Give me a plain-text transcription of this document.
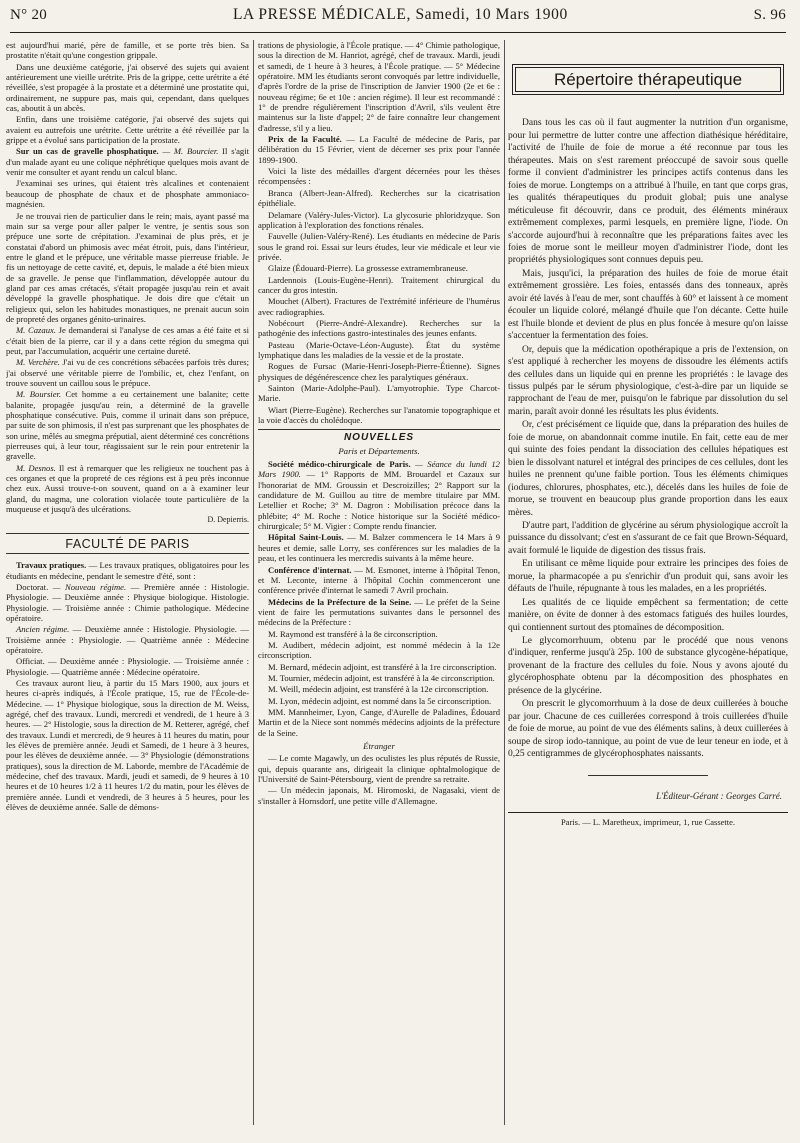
N° 20	LA PRESSE MÉDICALE, Samedi, 10 Mars 1900	S. 96

est aujourd'hui marié, père de famille, et se porte très bien. Sa prostatite n'était qu'une congestion grippale.

Dans une deuxième catégorie, j'ai observé des sujets qui avaient antérieurement une vieille urétrite. Pris de la grippe, cette urétrite a été réveillée, s'est propagée à la prostate et a déterminé une prostatite qui, ordinairement, ne suppure pas, mais qui, cependant, dans quelques cas, aboutit à un abcès.

Enfin, dans une troisième catégorie, j'ai observé des sujets qui avaient eu autrefois une urétrite. Cette urétrite a été réveillée par la grippe et a évolué sans participation de la prostate.

Sur un cas de gravelle phosphatique. — M. Bourcier. Il s'agit d'un malade ayant eu une colique néphrétique quelques mois avant de venir me consulter et ayant rendu un calcul blanc.

J'examinai ses urines, qui étaient très alcalines et contenaient beaucoup de phosphate de chaux et de phosphate ammoniaco-magnésien.

Je ne trouvai rien de particulier dans le rein; mais, ayant passé ma main sur sa verge pour aller palper le ventre, je sentis sous son prépuce une sorte de crépitation. J'examinai de plus près, et je constatai d'abord un phimosis avec méat étroit, puis, dans l'intérieur, entre le gland et le prépuce, une véritable masse pierreuse friable. Je fis un nettoyage de cette cavité, et, depuis, le malade a été bien mieux de sa gravelle. Je pense que l'inflammation, développée autour du gland par ces amas crétacés, s'était propagée jusqu'au rein et avait développé la gravelle phosphatique. Je dois dire que c'était un religieux qui, selon les habitudes monastiques, ne prenait aucun soin de propreté des organes génito-urinaires.

M. Cazaux. Je demanderai si l'analyse de ces amas a été faite et si c'était bien de la pierre, car il y a dans cette région du smegma qui peut, par l'accumulation, acquérir une certaine dureté.

M. Verchère. J'ai vu de ces concrétions sébacées parfois très dures; j'ai observé une véritable pierre de l'ombilic, et, chez l'enfant, on trouve souvent un caillou sous le prépuce.

M. Boursier. Cet homme a eu certainement une balanite; cette balanite, propagée jusqu'au rein, a déterminé de la gravelle phosphatique consécutive. Puis, comme il urinait dans son prépuce, par suite de son phimosis, il n'est pas surprenant que les phosphates de son urine, mêlés au smegma préputial, aient déterminé ces concrétions pierreuses qui, à leur tour, réagissaient sur le rein pour entretenir la gravelle.

M. Desnos. Il est à remarquer que les religieux ne touchent pas à ces organes et que la propreté de ces régions est à peu près inconnue chez eux. Aussi trouve-t-on souvent, quand on a à examiner leur gland, du magma, une coloration violacée toute particulière de la muqueuse et jusqu'à des ulcérations.

D. Depierris.
FACULTÉ DE PARIS

Travaux pratiques. — Les travaux pratiques, obligatoires pour les étudiants en médecine, pendant le semestre d'été, sont :

Doctorat. — Nouveau régime. — Première année : Histologie. Physiologie. — Deuxième année : Physique biologique. Histologie. Physiologie. — Troisième année : Chimie pathologique. Médecine opératoire.

Ancien régime. — Deuxième année : Histologie. Physiologie. — Troisième année : Physiologie. — Quatrième année : Médecine opératoire.

Officiat. — Deuxième année : Physiologie. — Troisième année : Physiologie. — Quatrième année : Médecine opératoire.

Ces travaux auront lieu, à partir du 15 Mars 1900, aux jours et heures ci-après indiqués, à l'École pratique, 15, rue de l'École-de-Médecine. — 1° Physique biologique, sous la direction de M. Weiss, agrégé, chef des travaux. Lundi, mercredi et vendredi, de 1 heure à 3 heures. — 2° Histologie, sous la direction de M. Retterer, agrégé, chef des travaux. Lundi et mercredi, de 9 heures à 11 heures du matin, pour les élèves de première année. Jeudi et Samedi, de 1 heure à 3 heures, pour les élèves de deuxième année. — 3° Physiologie (démonstrations pratiques), sous la direction de M. Laborde, membre de l'Académie de médecine, chef des travaux. Mardi, jeudi et samedi, de 9 heures à 10 heures et de 10 heures 1/2 à 11 heures 1/2 du matin, pour les élèves de première année. Lundi et vendredi, de 3 heures à 5 heures, pour les élèves de deuxième année. Salle de démons-

trations de physiologie, à l'École pratique. — 4° Chimie pathologique, sous la direction de M. Hanriot, agrégé, chef de travaux. Mardi, jeudi et samedi, de 1 heure à 3 heures, à l'École pratique. — 5° Médecine opératoire. MM les étudiants seront convoqués par lettre individuelle, d'après l'ordre de la prise de l'inscription de Janvier 1900 (2e et 6e : nouveau régime; 6e et 10e : ancien régime). Il leur est recommandé : 1° de prendre régulièrement l'inscription d'Avril, s'ils veulent être maintenus sur la liste d'appel; 2° de faire connaître leur changement d'adresse, s'il y a lieu.

Prix de la Faculté. — La Faculté de médecine de Paris, par délibération du 15 Février, vient de décerner ses prix pour l'année 1899-1900.

Voici la liste des médailles d'argent décernées pour les thèses récompensées :

Branca (Albert-Jean-Alfred). Recherches sur la cicatrisation épithéliale.

Delamare (Valéry-Jules-Victor). La glycosurie phloridzyque. Son application à l'exploration des fonctions rénales.

Fauvelle (Julien-Valéry-René). Les étudiants en médecine de Paris sous le grand roi. Essai sur leurs études, leur vie médicale et leur vie privée.

Glaize (Édouard-Pierre). La grossesse extramembraneuse.

Lardennois (Louis-Eugène-Henri). Traitement chirurgical du cancer du gros intestin.

Mouchet (Albert). Fractures de l'extrémité inférieure de l'humérus avec radiographies.

Nobécourt (Pierre-André-Alexandre). Recherches sur la pathogénie des infections gastro-intestinales des jeunes enfants.

Pasteau (Marie-Octave-Léon-Auguste). État du système lymphatique dans les maladies de la vessie et de la prostate.

Rogues de Fursac (Marie-Henri-Joseph-Pierre-Étienne). Signes physiques de dégénérescence chez les paralytiques généraux.

Sainton (Marie-Adolphe-Paul). L'amyotrophie. Type Charcot-Marie.

Wiart (Pierre-Eugène). Recherches sur l'anatomie topographique et la voie d'accès du cholédoque.

NOUVELLES
Paris et Départements.

Société médico-chirurgicale de Paris. — Séance du lundi 12 Mars 1900. — 1° Rapports de MM. Brouardel et Cazaux sur l'honorariat de MM. Groussin et Descroizilles; 2° Rapport sur la candidature de M. Guillou au titre de membre titulaire par MM. Letellier et Roche; 3° M. Dagron : Mobilisation précoce dans la phlébite; 4° M. Roche : Notice historique sur la Société médico-chirurgicale; 5° M. Vigier : Compte rendu financier.

Hôpital Saint-Louis. — M. Balzer commencera le 14 Mars à 9 heures et demie, salle Lorry, ses conférences sur les maladies de la peau, et les continuera les mercredis suivants à la même heure.

Conférence d'internat. — M. Esmonet, interne à l'hôpital Tenon, et M. Leconte, interne à l'hôpital Cochin commenceront une conférence privée d'internat le samedi 7 Avril prochain.

Médecins de la Préfecture de la Seine. — Le préfet de la Seine vient de faire les permutations suivantes dans le personnel des médecins de la Préfecture :

M. Raymond est transféré à la 8e circonscription.

M. Audibert, médecin adjoint, est nommé médecin à la 12e circonscription.

M. Bernard, médecin adjoint, est transféré à la 1re circonscription.

M. Tournier, médecin adjoint, est transféré à la 4e circonscription.

M. Weill, médecin adjoint, est transféré à la 12e circonscription.

M. Lyon, médecin adjoint, est nommé dans la 5e circonscription.

MM. Mannheimer, Lyon, Cange, d'Aurelle de Paladines, Édouard Martin et de la Niece sont nommés médecins adjoints de la préfecture de la Seine.

Étranger

— Le comte Magawly, un des oculistes les plus réputés de Russie, qui, depuis quarante ans, dirigeait la clinique ophtalmologique de l'Université de Saint-Pétersbourg, vient de prendre sa retraite.

— Un médecin japonais, M. Hiromoski, de Nagasaki, vient de s'installer à Hornsdorf, une petite ville d'Allemagne.

Répertoire thérapeutique

Dans tous les cas où il faut augmenter la nutrition d'un organisme, pour lui permettre de lutter contre une affection diathésique héréditaire, l'activité de l'huile de foie de morue a été reconnue par tous les thérapeutes. Mais on s'est rarement préoccupé de savoir sous quelle forme il convient d'administrer les principes actifs contenus dans les foies de morue. Longtemps on a attribué à l'huile, en tant que corps gras, les qualités thérapeutiques du produit global; puis une analyse méticuleuse fit découvrir, dans ce produit, des éléments minéraux extrêmement complexes, parmi lesquels, en première ligne, l'iode. On s'accorde aujourd'hui à reconnaître que les préparations faites avec les foies de morue sont le meilleur moyen d'administrer l'iode, dont les propriétés physiologiques sont connues depuis peu.

Mais, jusqu'ici, la préparation des huiles de foie de morue était extrêmement grossière. Les foies, entassés dans des tonneaux, après avoir été lavés à l'eau de mer, sont chauffés à 60° et laissent à ce moment écouler un liquide coloré, mélangé d'huile que l'on décante. Cette huile est l'huile blonde et devient de plus en plus foncée à mesure qu'on laisse s'accentuer la fermentation des foies.

Or, depuis que la médication opothérapique a pris de l'extension, on s'est appliqué à rechercher les moyens de dissoudre les éléments actifs des cellules dans un liquide qui en prenne les propriétés : le lavage des tissus pulpés par le sérum physiologique, c'est-à-dire par un liquide se rapprochant de l'eau de mer, puisqu'on le fabrique par dissolution du sel marin, paraît avoir donné les résultats les plus évidents.

Or, c'est précisément ce liquide que, dans la préparation des huiles de foie de morue, on abandonnait comme inutile. En fait, cette eau de mer qui suinte des foies pendant la dissociation des cellules hépatiques est bien le dissolvant naturel et intégral des principes de ces cellules, dont les huiles ne prennent qu'une faible portion. Tous les éléments chimiques (iodures, chlorures, phosphates, etc.), décelés dans les huiles de foie de morue, se trouvent en beaucoup plus grande proportion dans les eaux mères.

D'autre part, l'addition de glycérine au sérum physiologique accroît la puissance du dissolvant; c'est en s'assurant de ce fait que Brown-Séquard, avait formulé le liquide de digestion des tissus frais.

En utilisant ce même liquide pour extraire les principes des foies de morue, la pharmacopée a pu s'enrichir d'un produit qui, sans avoir les défauts de l'huile, répugnante à tous les malades, en a les propriétés.

Les qualités de ce liquide empêchent sa fermentation; de cette manière, on évite de donner à des estomacs fatigués des huiles lourdes, qui contiennent surtout des ptomaïnes de décomposition.

Le glycomorrhuum, obtenu par le procédé que nous venons d'indiquer, renferme jusqu'à 25p. 100 de substance glycogène-hépatique, provenant de la fracture des cellules du foie. Nous y avons ajouté du glycérophosphate obtenu par la décomposition des phosphates en présence de la glycérine.

On prescrit le glycomorrhuum à la dose de deux cuillerées à bouche par jour. Chacune de ces cuillerées correspond à trois cuillerées d'huile de foie de morue, au point de vue des éléments salins, à deux cuillerées à soupe de sirop iodo-tannique, au point de vue de leur teneur en iode, et à 0,25 centigrammes de glycérophosphates naissants.

L'Éditeur-Gérant : Georges Carré.
Paris. — L. Maretheux, imprimeur, 1, rue Cassette.
